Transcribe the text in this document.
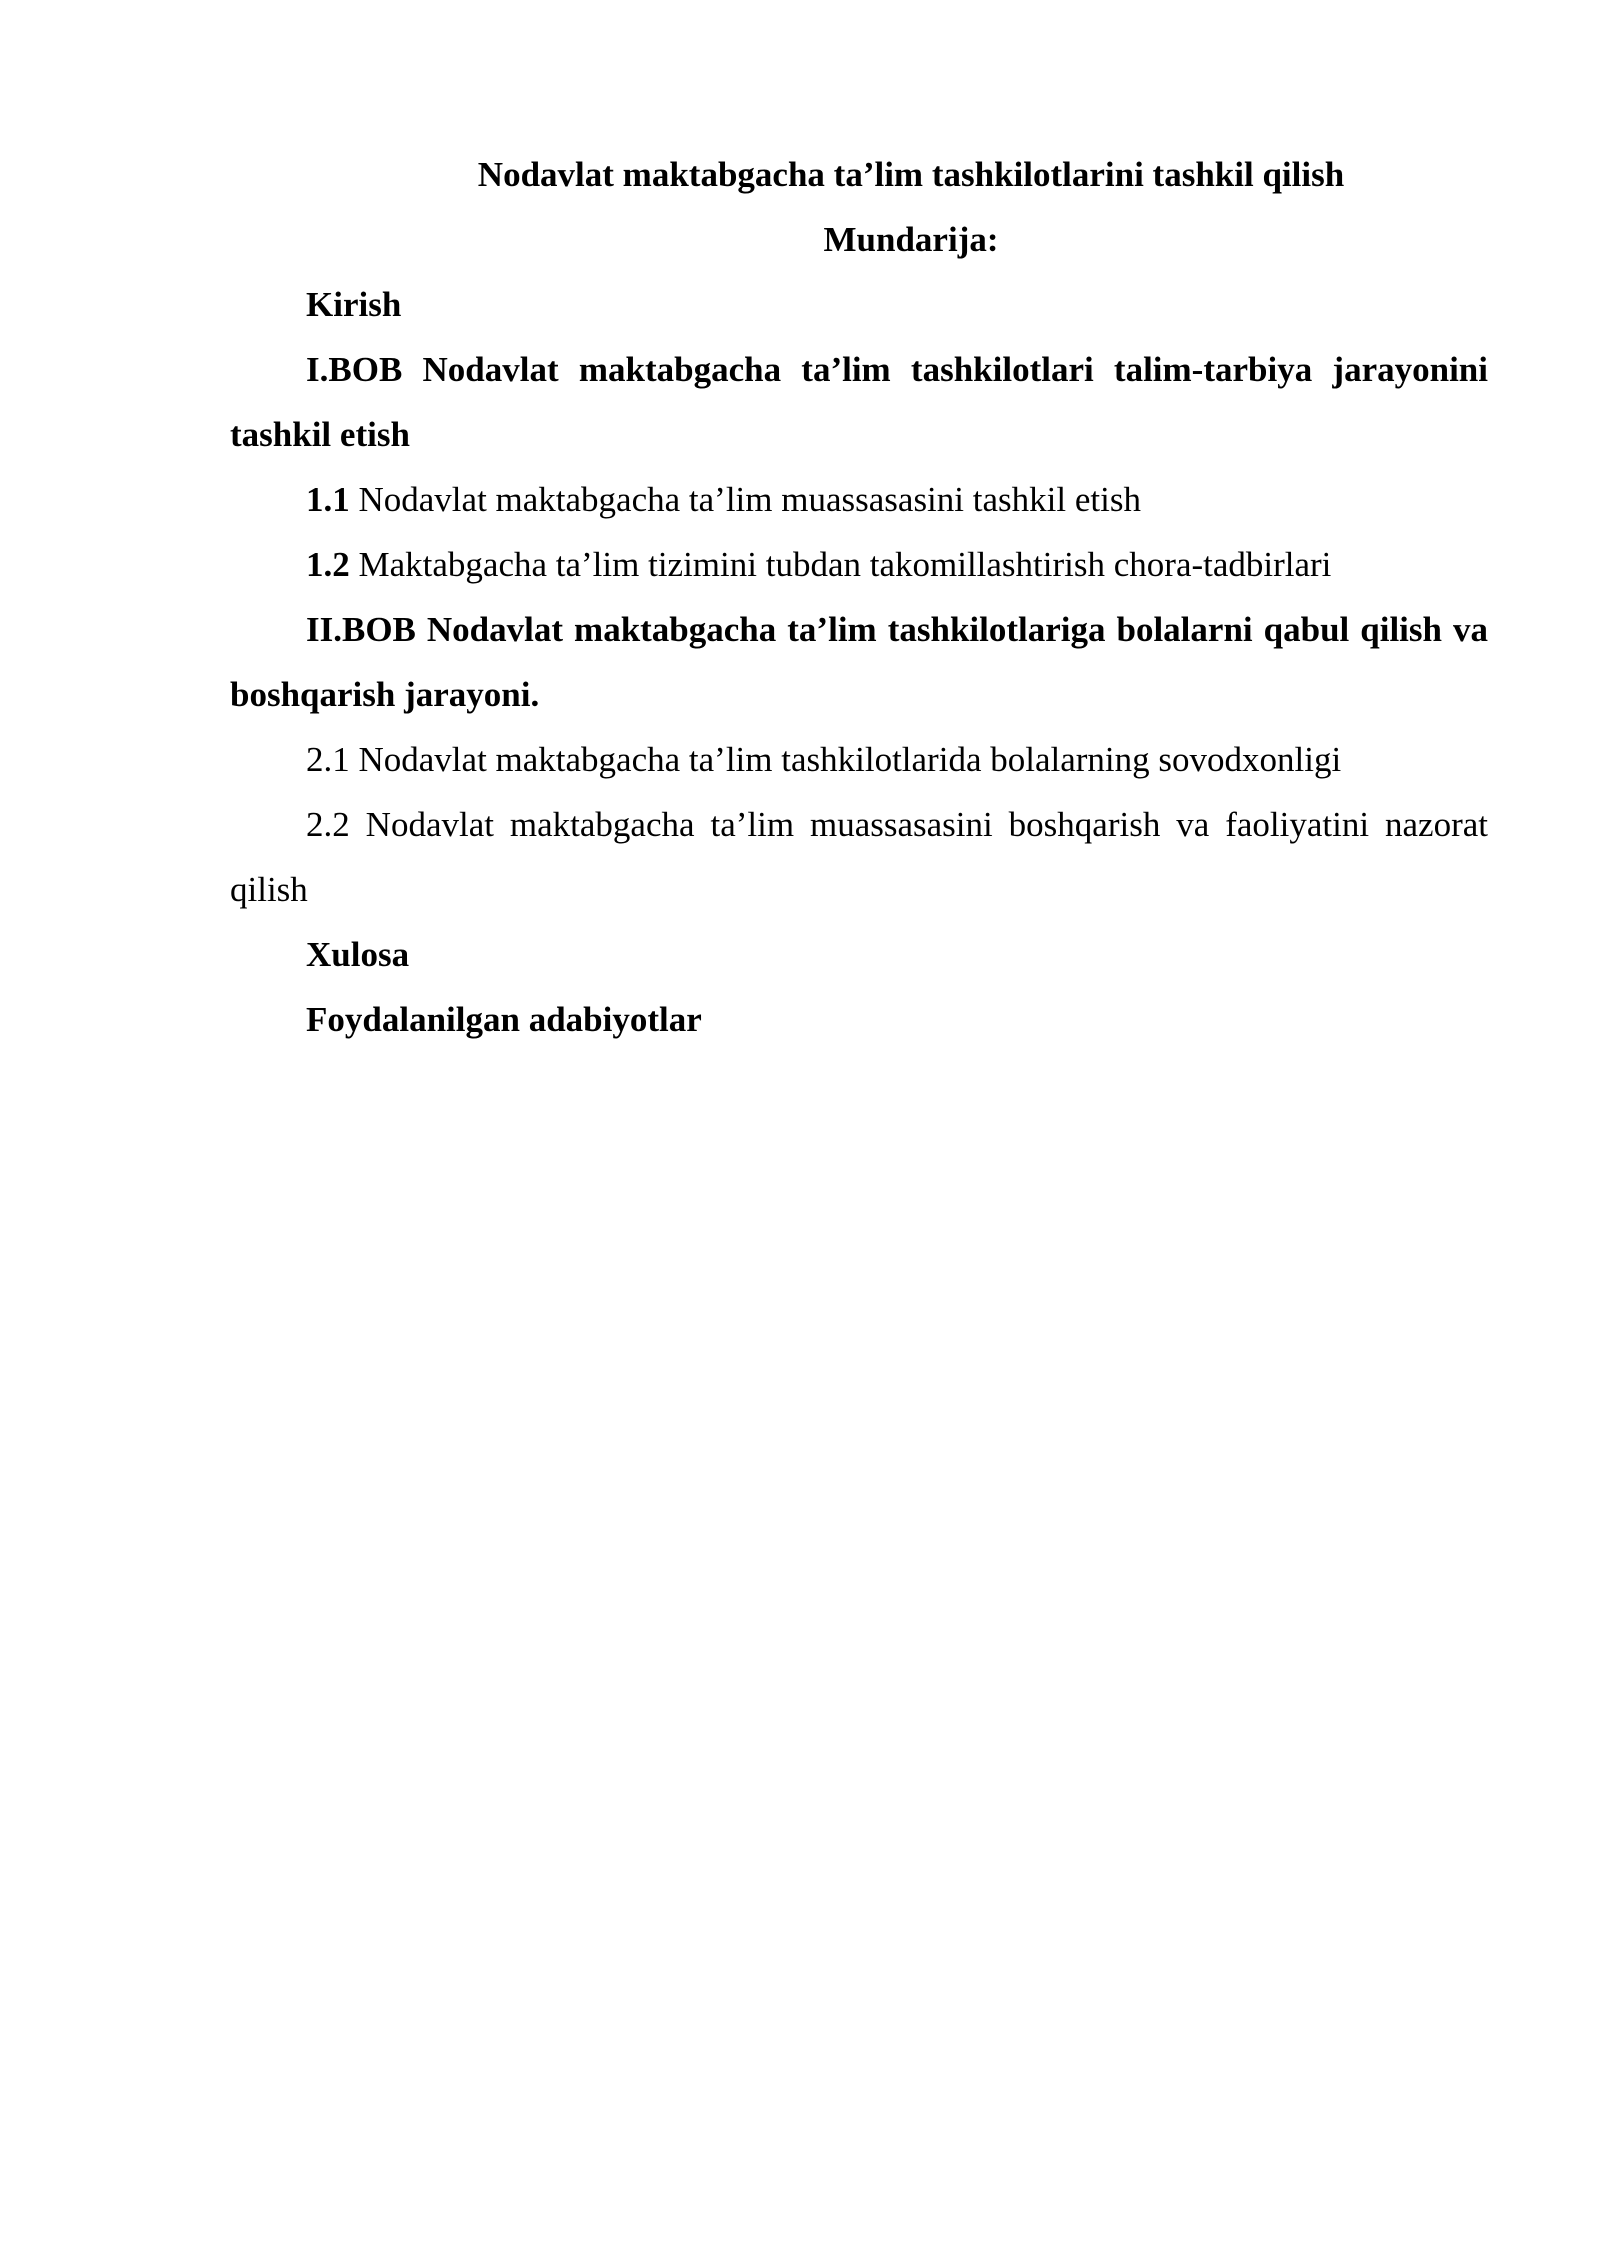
Nodavlat maktabgacha ta’lim tashkilotlarini tashkil qilish

Mundarija:

Kirish

I.BOB Nodavlat maktabgacha ta’lim tashkilotlari talim-tarbiya jarayonini tashkil etish

1.1 Nodavlat maktabgacha ta’lim muassasasini tashkil etish

1.2 Maktabgacha ta’lim tizimini tubdan takomillashtirish chora-tadbirlari

II.BOB Nodavlat maktabgacha ta’lim tashkilotlariga bolalarni qabul qilish va boshqarish jarayoni.

2.1 Nodavlat maktabgacha ta’lim tashkilotlarida bolalarning sovodxonligi

2.2 Nodavlat maktabgacha ta’lim muassasasini boshqarish va faoliyatini nazorat qilish

Xulosa

Foydalanilgan adabiyotlar
